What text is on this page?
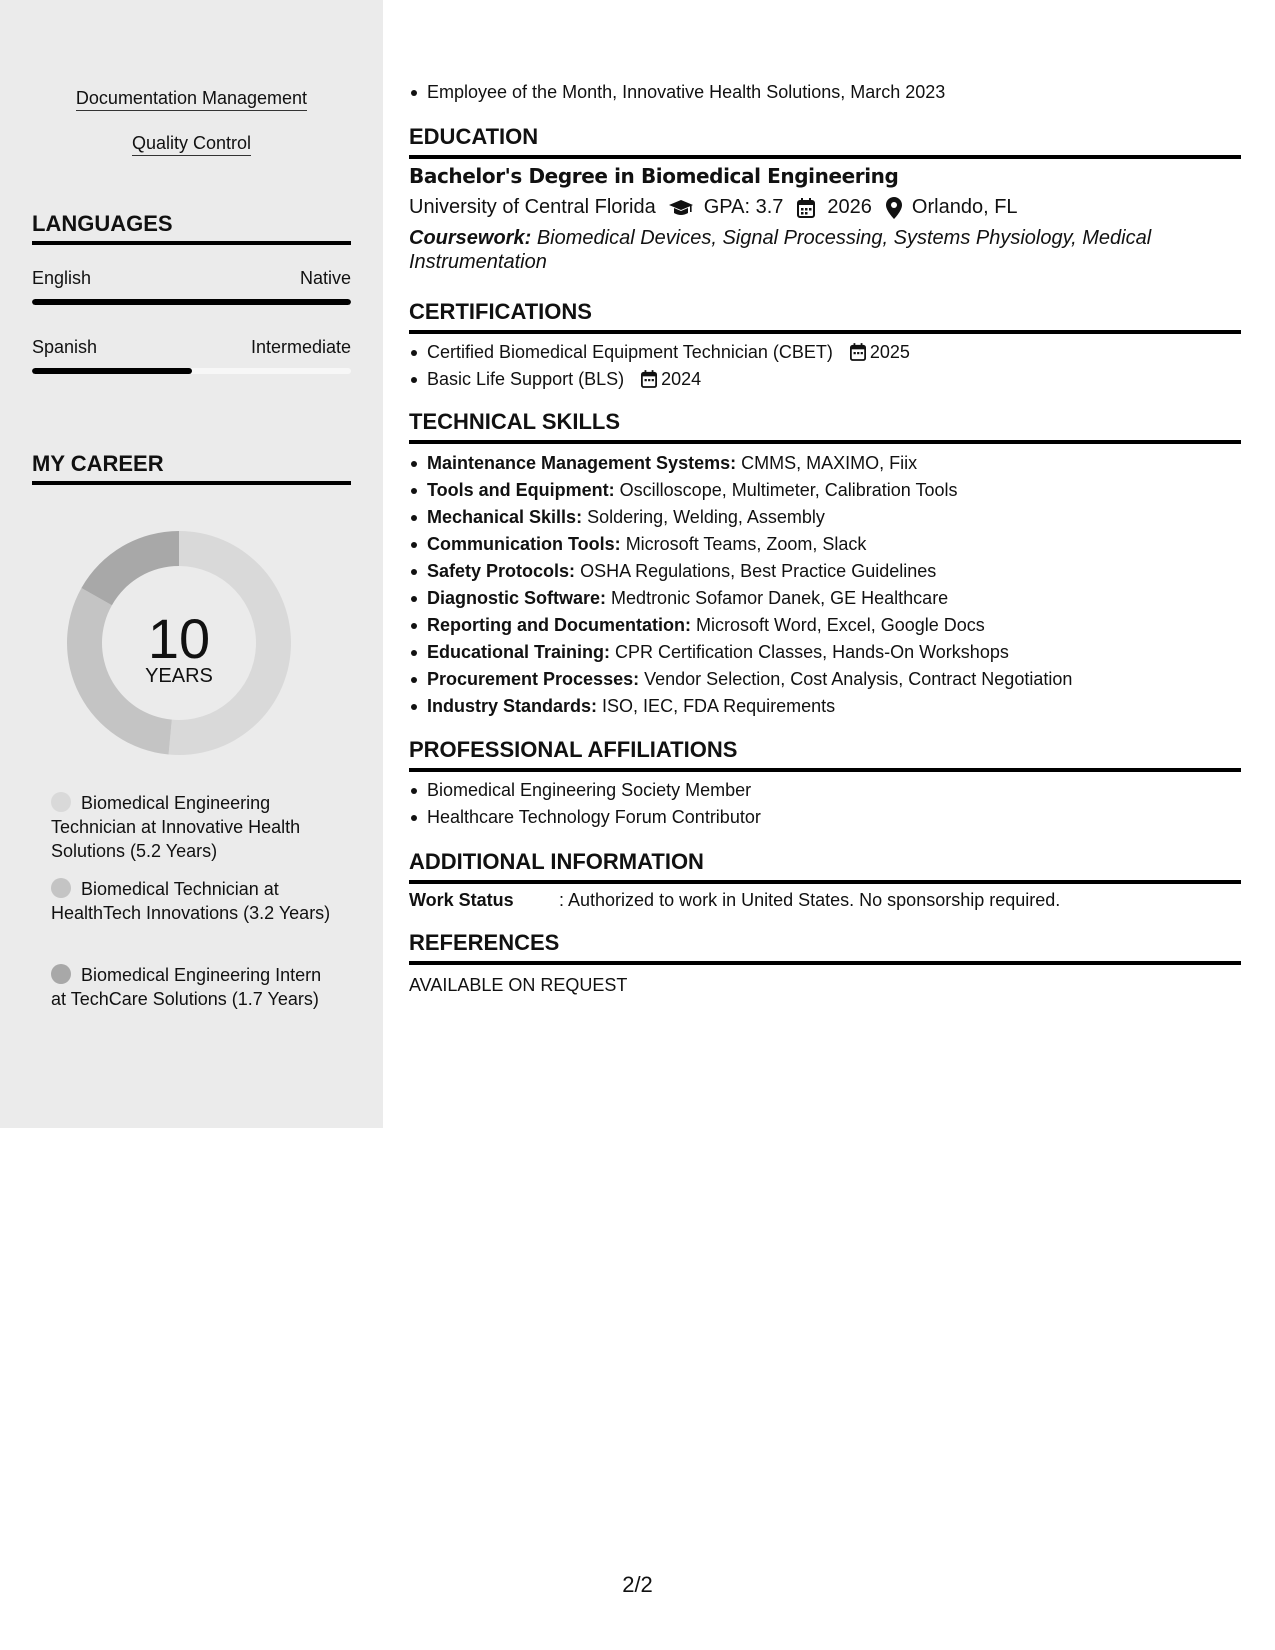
Documentation Management
Quality Control
LANGUAGES
English	Native
Spanish	Intermediate
MY CAREER
10
YEARS
Biomedical Engineering Technician at Innovative Health Solutions (5.2 Years)
Biomedical Technician at HealthTech Innovations (3.2 Years)
Biomedical Engineering Intern at TechCare Solutions (1.7 Years)
Employee of the Month, Innovative Health Solutions, March 2023
EDUCATION
Bachelor's Degree in Biomedical Engineering
University of Central Florida GPA: 3.7 2026 Orlando, FL
Coursework: Biomedical Devices, Signal Processing, Systems Physiology, Medical Instrumentation
CERTIFICATIONS
Certified Biomedical Equipment Technician (CBET) 2025
Basic Life Support (BLS) 2024
TECHNICAL SKILLS
Maintenance Management Systems: CMMS, MAXIMO, Fiix
Tools and Equipment: Oscilloscope, Multimeter, Calibration Tools
Mechanical Skills: Soldering, Welding, Assembly
Communication Tools: Microsoft Teams, Zoom, Slack
Safety Protocols: OSHA Regulations, Best Practice Guidelines
Diagnostic Software: Medtronic Sofamor Danek, GE Healthcare
Reporting and Documentation: Microsoft Word, Excel, Google Docs
Educational Training: CPR Certification Classes, Hands-On Workshops
Procurement Processes: Vendor Selection, Cost Analysis, Contract Negotiation
Industry Standards: ISO, IEC, FDA Requirements
PROFESSIONAL AFFILIATIONS
Biomedical Engineering Society Member
Healthcare Technology Forum Contributor
ADDITIONAL INFORMATION
Work Status	: Authorized to work in United States. No sponsorship required.
REFERENCES
AVAILABLE ON REQUEST
2/2
